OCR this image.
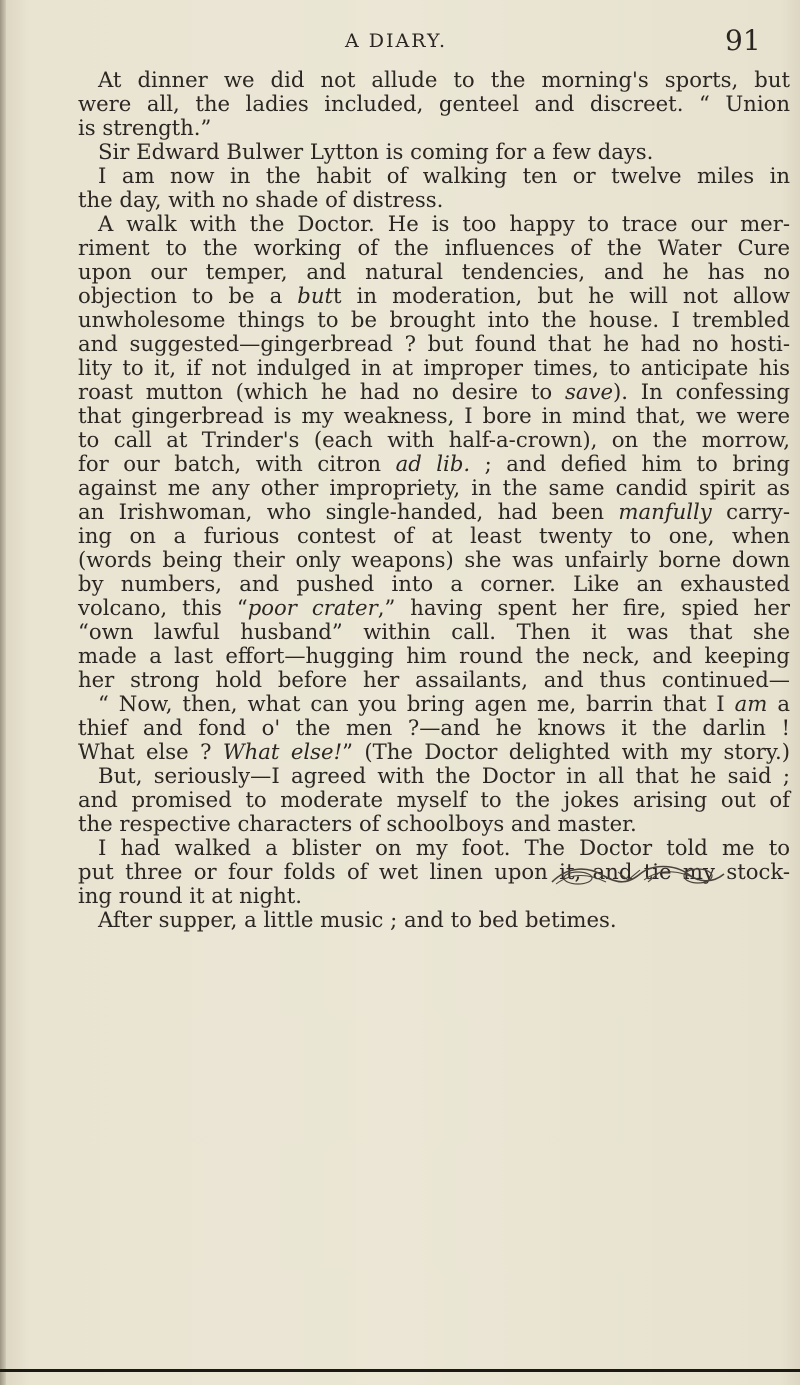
A DIARY.	91
At dinner we did not allude to the morning's sports, but
were all, the ladies included, genteel and discreet. “ Union
is strength.”
Sir Edward Bulwer Lytton is coming for a few days.
I am now in the habit of walking ten or twelve miles in
the day, with no shade of distress.
A walk with the Doctor. He is too happy to trace our mer-
riment to the working of the influences of the Water Cure
upon our temper, and natural tendencies, and he has no
objection to be a butt in moderation, but he will not allow
unwholesome things to be brought into the house. I trembled
and suggested—gingerbread ? but found that he had no hosti-
lity to it, if not indulged in at improper times, to anticipate his
roast mutton (which he had no desire to save). In confessing
that gingerbread is my weakness, I bore in mind that, we were
to call at Trinder's (each with half-a-crown), on the morrow,
for our batch, with citron ad lib. ; and defied him to bring
against me any other impropriety, in the same candid spirit as
an Irishwoman, who single-handed, had been manfully carry-
ing on a furious contest of at least twenty to one, when
(words being their only weapons) she was unfairly borne down
by numbers, and pushed into a corner. Like an exhausted
volcano, this “poor crater,” having spent her fire, spied her
“own lawful husband” within call. Then it was that she
made a last effort—hugging him round the neck, and keeping
her strong hold before her assailants, and thus continued—
“ Now, then, what can you bring agen me, barrin that I am a
thief and fond o' the men ?—and he knows it the darlin !
What else ? What else!” (The Doctor delighted with my story.)
But, seriously—I agreed with the Doctor in all that he said ;
and promised to moderate myself to the jokes arising out of
the respective characters of schoolboys and master.
I had walked a blister on my foot. The Doctor told me to
put three or four folds of wet linen upon it, and tie my stock-
ing round it at night.
After supper, a little music ; and to bed betimes.
